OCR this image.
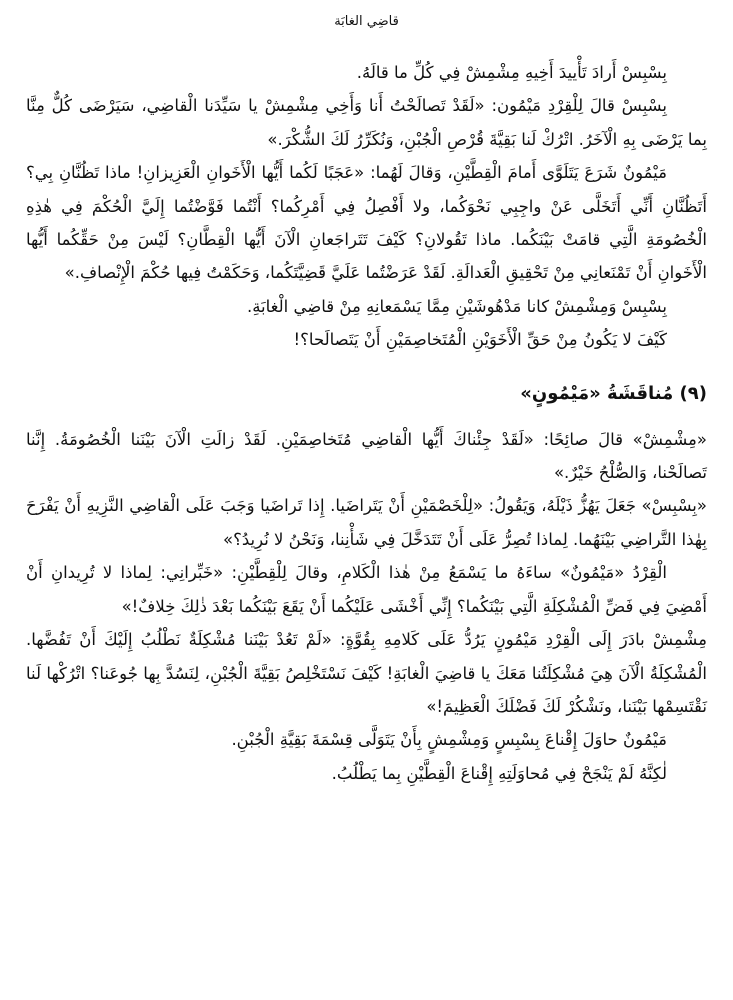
قاضِي الغابَة

بِسْبِسْ أَرادَ تَأْييدَ أَخِيهِ مِشْمِشْ فِي كُلِّ ما قالَهُ.

بِسْبِسْ قالَ لِلْقِرْدِ مَيْمُون: «لَقَدْ تَصالَحْتُ أَنا وَأَخِي مِشْمِشْ يا سَيِّدَنا الْقاضِي، سَيَرْضَى كُلٌّ مِنَّا بِما يَرْضَى بِهِ الْآخَرُ. اتْرُكْ لَنا بَقِيَّةَ قُرْصِ الْجُبْنِ، وَنُكَرِّرُ لَكَ الشُّكْرَ.»

مَيْمُونٌ شَرَعَ يَتَلَوَّى أَمامَ الْقِطَّيْنِ، وَقالَ لَهُما: «عَجَبًا لَكُما أَيُّها الْأَخَوانِ الْعَزِيزانِ! ماذا تَظُنَّانِ بِي؟ أَتَظُنَّانِ أَنِّي أَتَخَلَّى عَنْ واجِبِي نَحْوَكُما، ولا أَفْصِلُ فِي أَمْرِكُما؟ أَنْتُما فَوَّضْتُما إِلَيَّ الْحُكْمَ فِي هٰذِهِ الْخُصُومَةِ الَّتِي قامَتْ بَيْنَكُما. ماذا تَقُولانِ؟ كَيْفَ تَتَراجَعانِ الْآنَ أَيُّها الْقِطَّانِ؟ لَيْسَ مِنْ حَقِّكُما أَيُّها الْأَخَوانِ أَنْ تَمْنَعانِي مِنْ تَحْقِيقِ الْعَدالَةِ. لَقَدْ عَرَضْتُما عَلَيَّ قَضِيَّتَكُما، وَحَكَمْتُ فِيها حُكْمَ الْإِنْصافِ.»

بِسْبِسْ وَمِشْمِشْ كانا مَدْهُوشَيْنِ مِمَّا يَسْمَعانِهِ مِنْ قاضِي الْغابَةِ.

كَيْفَ لا يَكُونُ مِنْ حَقِّ الْأَخَوَيْنِ الْمُتَخاصِمَيْنِ أَنْ يَتَصالَحا؟!

(٩) مُناقَشَةُ «مَيْمُونٍ»

«مِشْمِشْ» قالَ صائِحًا: «لَقَدْ جِئْناكَ أَيُّها الْقاضِي مُتَخاصِمَيْنِ. لَقَدْ زالَتِ الْآنَ بَيْنَنا الْخُصُومَةُ. إِنَّنا تَصالَحْنا، وَالصُّلْحُ خَيْرٌ.»

«بِسْبِسْ» جَعَلَ يَهُزُّ ذَيْلَهُ، وَيَقُولُ: «لِلْخَصْمَيْنِ أَنْ يَتَراضَيا. إِذا تَراضَيا وَجَبَ عَلَى الْقاضِي النَّزِيهِ أَنْ يَفْرَحَ بِهٰذا التَّراضِي بَيْنَهُما. لِماذا تُصِرُّ عَلَى أَنْ تَتَدَخَّلَ فِي شَأْنِنا، وَنَحْنُ لا نُرِيدُ؟»

الْقِرْدُ «مَيْمُونٌ» ساءَهُ ما يَسْمَعُ مِنْ هٰذا الْكَلامِ، وقالَ لِلْقِطَّيْنِ: «خَبِّرانِي: لِماذا لا تُرِيدانِ أَنْ أَمْضِيَ فِي فَضِّ الْمُشْكِلَةِ الَّتِي بَيْنَكُما؟ إِنِّي أَخْشَى عَلَيْكُما أَنْ يَقَعَ بَيْنَكُما بَعْدَ ذٰلِكَ خِلافٌ!»

مِشْمِشْ بادَرَ إِلَى الْقِرْدِ مَيْمُونٍ يَرُدُّ عَلَى كَلامِهِ بِقُوَّةٍ: «لَمْ تَعُدْ بَيْنَنا مُشْكِلَةٌ نَطْلُبُ إِلَيْكَ أَنْ تَفُضَّها. الْمُشْكِلَةُ الْآنَ هِيَ مُشْكِلَتُنا مَعَكَ يا قاضِيَ الْغابَةِ! كَيْفَ نَسْتَخْلِصُ بَقِيَّةَ الْجُبْنِ، لِنَسُدَّ بِها جُوعَنا؟ اتْرُكْها لَنا نَقْتَسِمْها بَيْنَنا، ونَشْكُرْ لَكَ فَضْلَكَ الْعَظِيمَ!»

مَيْمُونٌ حاوَلَ إِقْناعَ بِسْبِسٍ وَمِشْمِشٍ بِأَنْ يَتَوَلَّى قِسْمَةَ بَقِيَّةِ الْجُبْنِ.

لٰكِنَّهُ لَمْ يَنْجَحْ فِي مُحاوَلَتِهِ إِقْناعَ الْقِطَّيْنِ بِما يَطْلُبُ.
